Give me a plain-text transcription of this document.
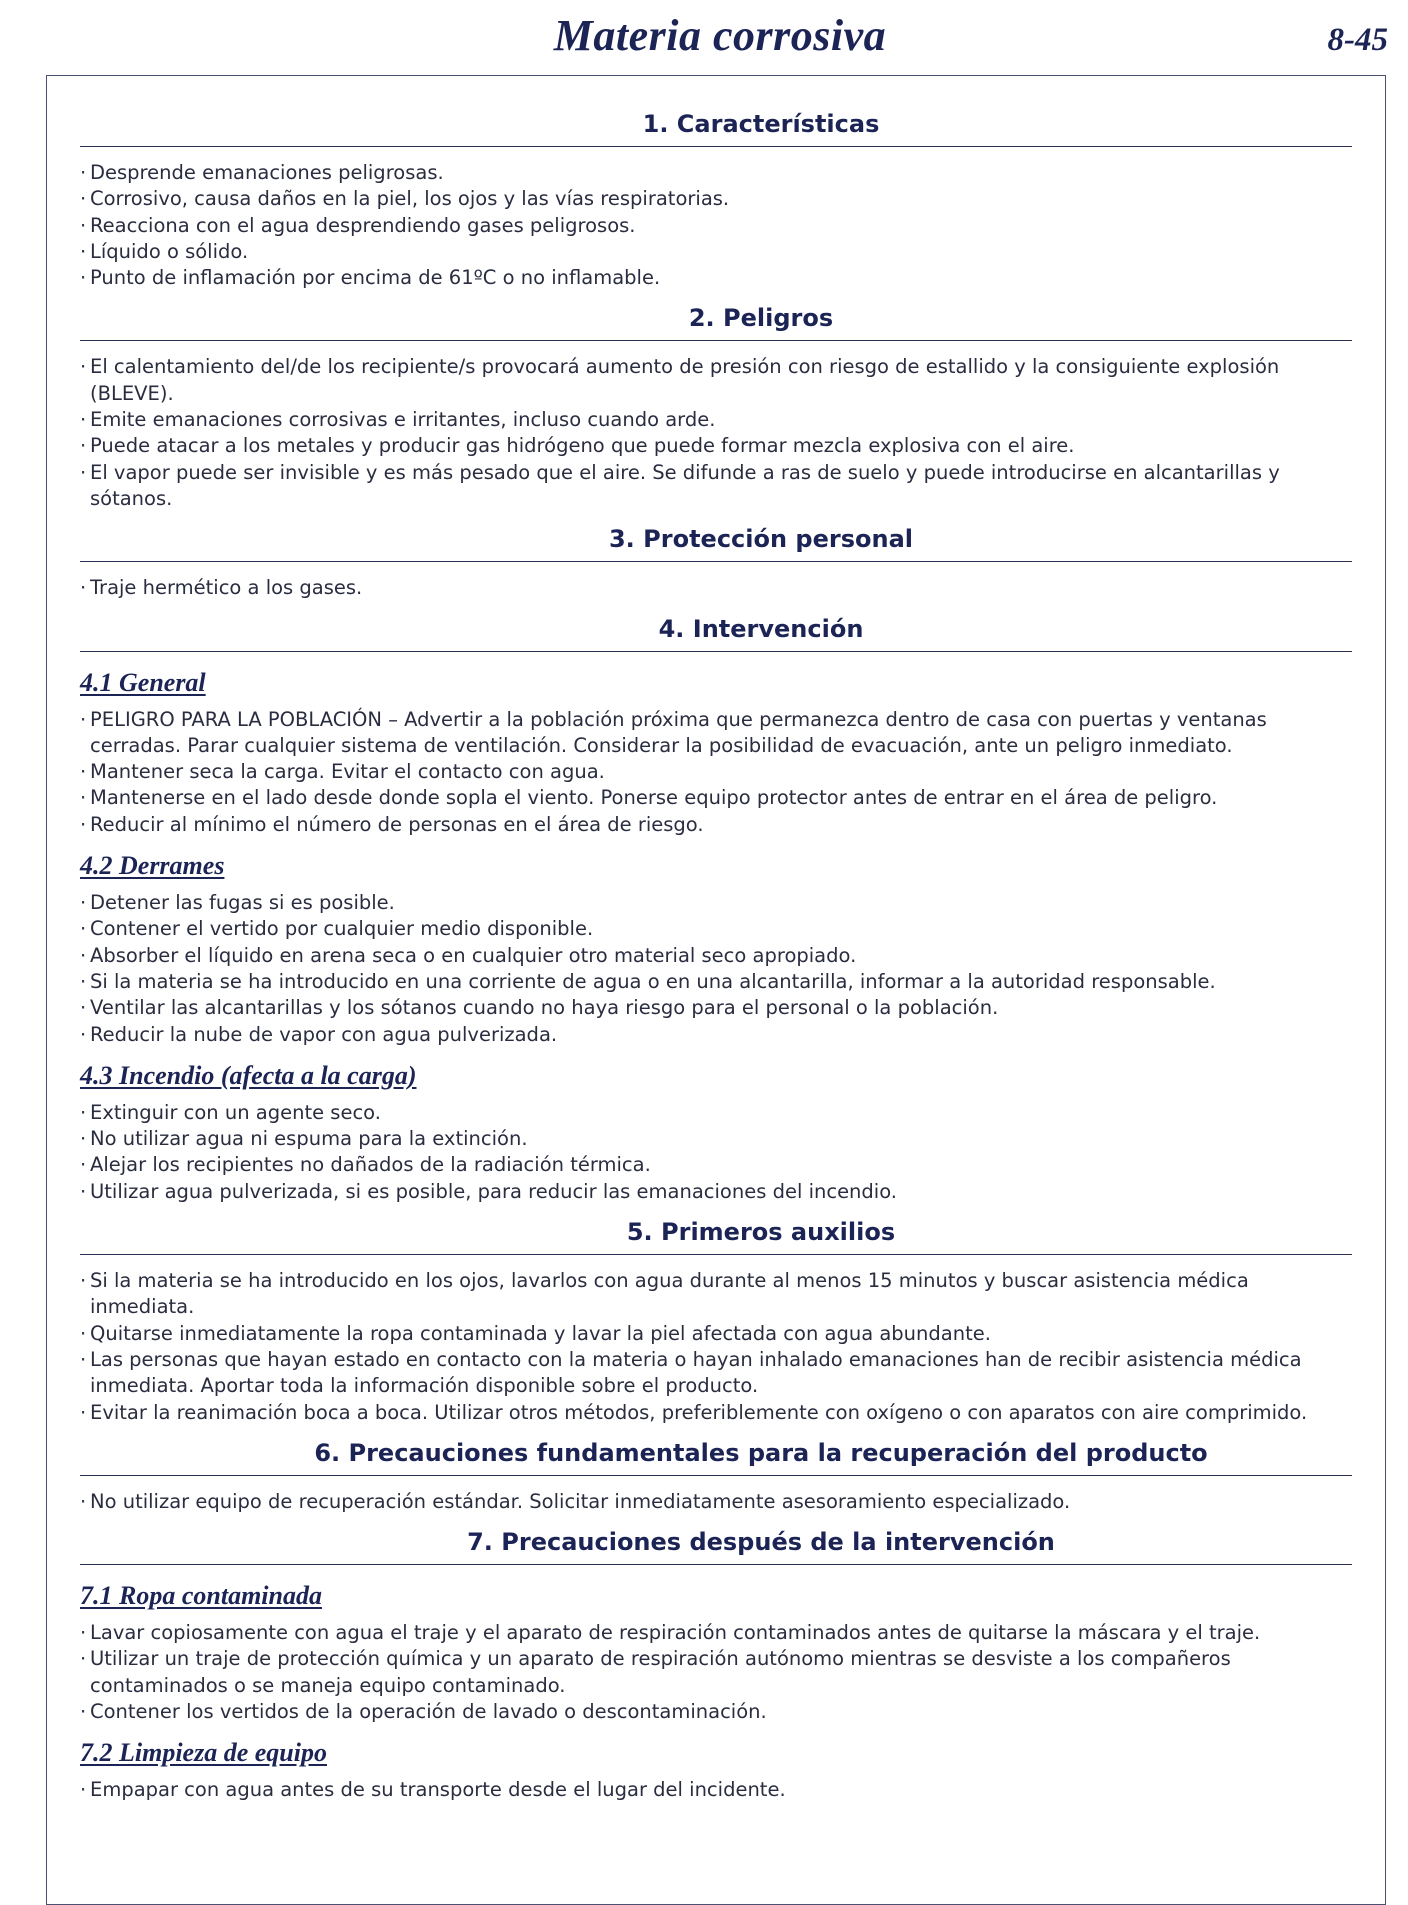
Materia corrosiva	8-45
1. Características
· Desprende emanaciones peligrosas.
· Corrosivo, causa daños en la piel, los ojos y las vías respiratorias.
· Reacciona con el agua desprendiendo gases peligrosos.
· Líquido o sólido.
· Punto de inflamación por encima de 61ºC o no inflamable.
2. Peligros
· El calentamiento del/de los recipiente/s provocará aumento de presión con riesgo de estallido y la consiguiente explosión (BLEVE).
· Emite emanaciones corrosivas e irritantes, incluso cuando arde.
· Puede atacar a los metales y producir gas hidrógeno que puede formar mezcla explosiva con el aire.
· El vapor puede ser invisible y es más pesado que el aire. Se difunde a ras de suelo y puede introducirse en alcantarillas y sótanos.
3. Protección personal
· Traje hermético a los gases.
4. Intervención
4.1 General
· PELIGRO PARA LA POBLACIÓN – Advertir a la población próxima que permanezca dentro de casa con puertas y ventanas cerradas. Parar cualquier sistema de ventilación. Considerar la posibilidad de evacuación, ante un peligro inmediato.
· Mantener seca la carga. Evitar el contacto con agua.
· Mantenerse en el lado desde donde sopla el viento. Ponerse equipo protector antes de entrar en el área de peligro.
· Reducir al mínimo el número de personas en el área de riesgo.
4.2 Derrames
· Detener las fugas si es posible.
· Contener el vertido por cualquier medio disponible.
· Absorber el líquido en arena seca o en cualquier otro material seco apropiado.
· Si la materia se ha introducido en una corriente de agua o en una alcantarilla, informar a la autoridad responsable.
· Ventilar las alcantarillas y los sótanos cuando no haya riesgo para el personal o la población.
· Reducir la nube de vapor con agua pulverizada.
4.3 Incendio (afecta a la carga)
· Extinguir con un agente seco.
· No utilizar agua ni espuma para la extinción.
· Alejar los recipientes no dañados de la radiación térmica.
· Utilizar agua pulverizada, si es posible, para reducir las emanaciones del incendio.
5. Primeros auxilios
· Si la materia se ha introducido en los ojos, lavarlos con agua durante al menos 15 minutos y buscar asistencia médica inmediata.
· Quitarse inmediatamente la ropa contaminada y lavar la piel afectada con agua abundante.
· Las personas que hayan estado en contacto con la materia o hayan inhalado emanaciones han de recibir asistencia médica inmediata. Aportar toda la información disponible sobre el producto.
· Evitar la reanimación boca a boca. Utilizar otros métodos, preferiblemente con oxígeno o con aparatos con aire comprimido.
6. Precauciones fundamentales para la recuperación del producto
· No utilizar equipo de recuperación estándar. Solicitar inmediatamente asesoramiento especializado.
7. Precauciones después de la intervención
7.1 Ropa contaminada
· Lavar copiosamente con agua el traje y el aparato de respiración contaminados antes de quitarse la máscara y el traje.
· Utilizar un traje de protección química y un aparato de respiración autónomo mientras se desviste a los compañeros contaminados o se maneja equipo contaminado.
· Contener los vertidos de la operación de lavado o descontaminación.
7.2 Limpieza de equipo
· Empapar con agua antes de su transporte desde el lugar del incidente.
